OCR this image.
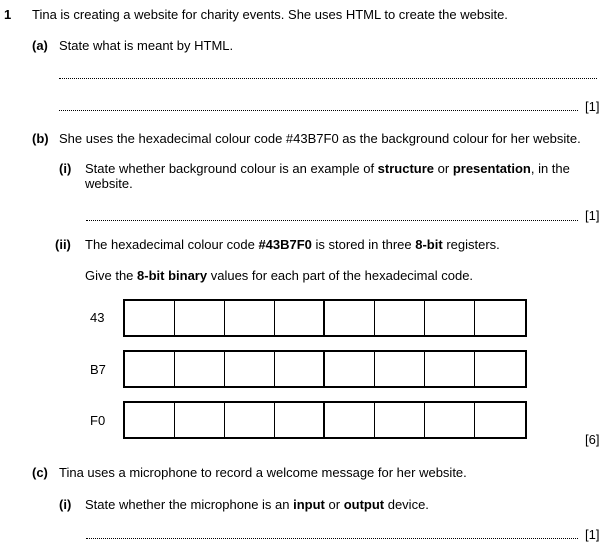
1 Tina is creating a website for charity events. She uses HTML to create the website.
(a) State what is meant by HTML.
[1]
(b) She uses the hexadecimal colour code #43B7F0 as the background colour for her website.
(i) State whether background colour is an example of structure or presentation, in the
website.
[1]
(ii) The hexadecimal colour code #43B7F0 is stored in three 8-bit registers.
Give the 8-bit binary values for each part of the hexadecimal code.
43
B7
F0
[6]
(c) Tina uses a microphone to record a welcome message for her website.
(i) State whether the microphone is an input or output device.
[1]
